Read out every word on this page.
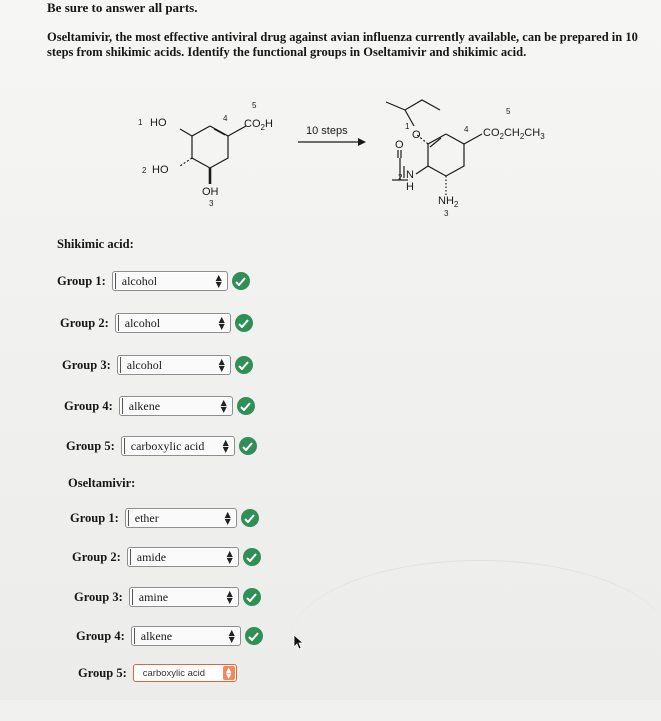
Be sure to answer all parts.
Oseltamivir, the most effective antiviral drug against avian influenza currently available, can be prepared in 10 steps from shikimic acids. Identify the functional groups in Oseltamivir and shikimic acid.
1 HO	4
5
$CO_2H$
2 HO
OH
3
10 steps	1
O
O
4
5
$CO_2CH_2CH_3$
2 N
H
$NH_2$
3
Shikimic acid:
Group 1:	alcohol	▲
▼
Group 2:	alcohol	▲
▼
Group 3:	alcohol	▲
▼
Group 4:	alkene	▲
▼
Group 5:	carboxylic acid ▲
▼
Oseltamivir:
Group 1:	ether	▲
▼
Group 2:	amide	▲
▼
Group 3:	amine	▲
▼
Group 4:	alkene	▲
▼
Group 5:	carboxylic acid	▲
▼
